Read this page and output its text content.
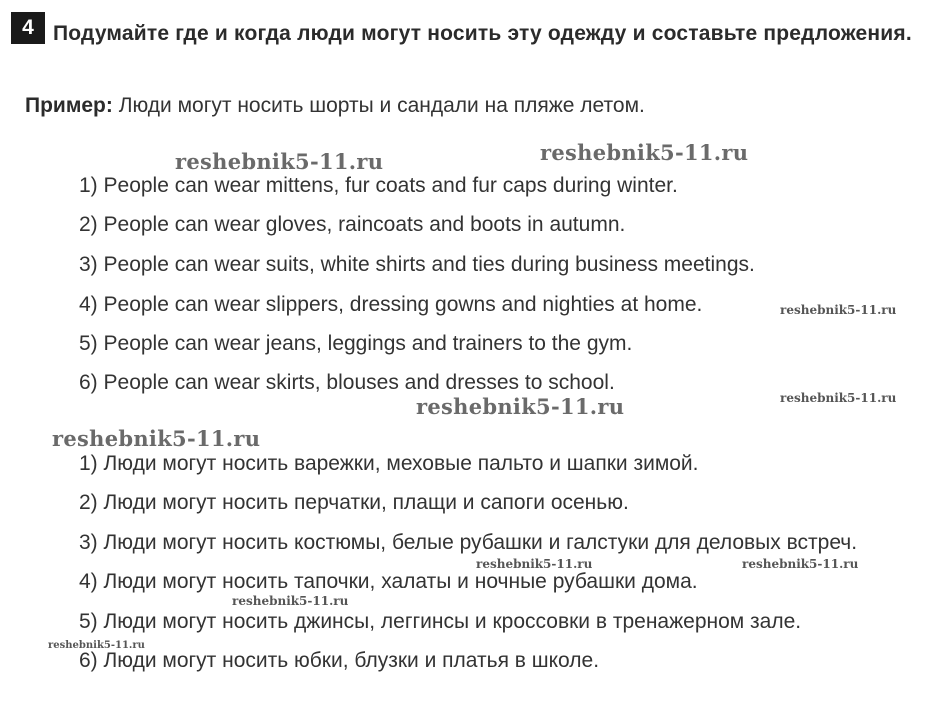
4 Подумайте где и когда люди могут носить эту одежду и составьте предложения.
Пример: Люди могут носить шорты и сандали на пляже летом.
1) People can wear mittens, fur coats and fur caps during winter.
2) People can wear gloves, raincoats and boots in autumn.
3) People can wear suits, white shirts and ties during business meetings.
4) People can wear slippers, dressing gowns and nighties at home.
5) People can wear jeans, leggings and trainers to the gym.
6) People can wear skirts, blouses and dresses to school.
1) Люди могут носить варежки, меховые пальто и шапки зимой.
2) Люди могут носить перчатки, плащи и сапоги осенью.
3) Люди могут носить костюмы, белые рубашки и галстуки для деловых встреч.
4) Люди могут носить тапочки, халаты и ночные рубашки дома.
5) Люди могут носить джинсы, леггинсы и кроссовки в тренажерном зале.
6) Люди могут носить юбки, блузки и платья в школе.
reshebnik5-11.ru	reshebnik5-11.ru
reshebnik5-11.ru
reshebnik5-11.ru
reshebnik5-11.ru
reshebnik5-11.ru
reshebnik5-11.ru	reshebnik5-11.ru
reshebnik5-11.ru
reshebnik5-11.ru
